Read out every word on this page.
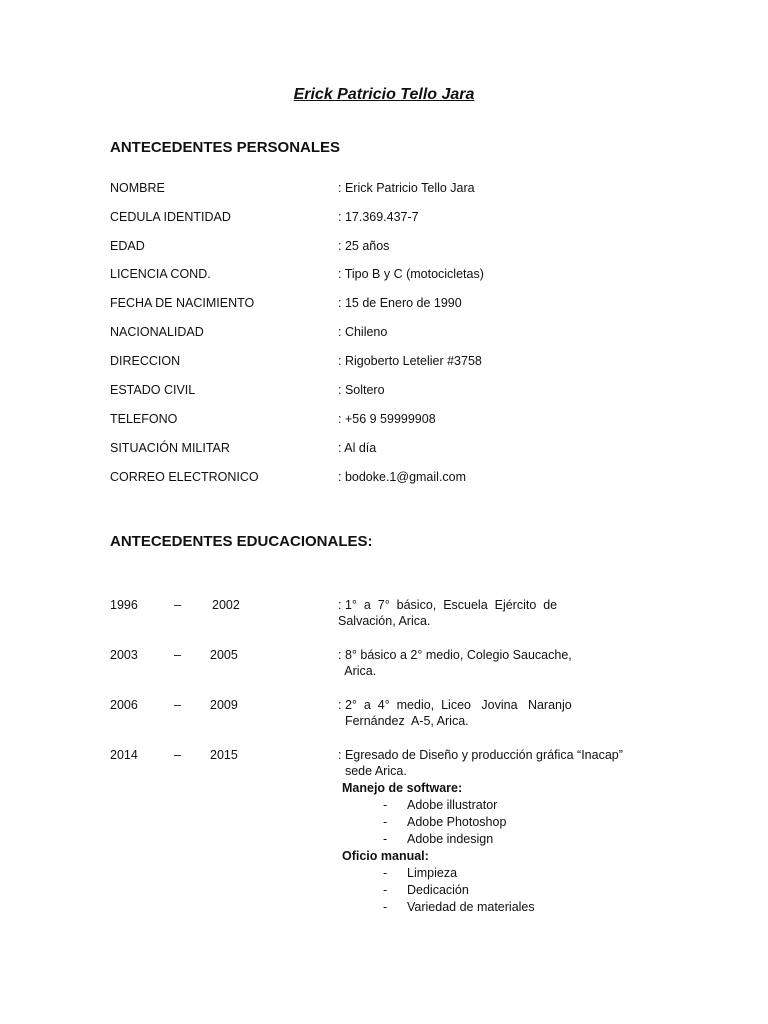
Erick Patricio Tello Jara
ANTECEDENTES PERSONALES
NOMBRE	: Erick Patricio Tello Jara
CEDULA IDENTIDAD	: 17.369.437-7
EDAD	: 25 años
LICENCIA COND.	: Tipo B y C (motocicletas)
FECHA DE NACIMIENTO	: 15 de Enero de 1990
NACIONALIDAD	: Chileno
DIRECCION	: Rigoberto Letelier #3758
ESTADO CIVIL	: Soltero
TELEFONO	: +56 9 59999908
SITUACIÓN MILITAR	: Al día
CORREO ELECTRONICO	: bodoke.1@gmail.com
ANTECEDENTES EDUCACIONALES:
1996	– 2002	: 1°  a  7°  básico,  Escuela  Ejército  de
Salvación, Arica.
2003	– 2005	: 8° básico a 2° medio, Colegio Saucache,
Arica.
2006	– 2009	: 2°  a  4°  medio,  Liceo   Jovina   Naranjo
Fernández  A-5, Arica.
2014	– 2015	: Egresado de Diseño y producción gráfica “Inacap”
sede Arica.
Manejo de software:
- Adobe illustrator
- Adobe Photoshop
- Adobe indesign
Oficio manual:
- Limpieza
- Dedicación
- Variedad de materiales
